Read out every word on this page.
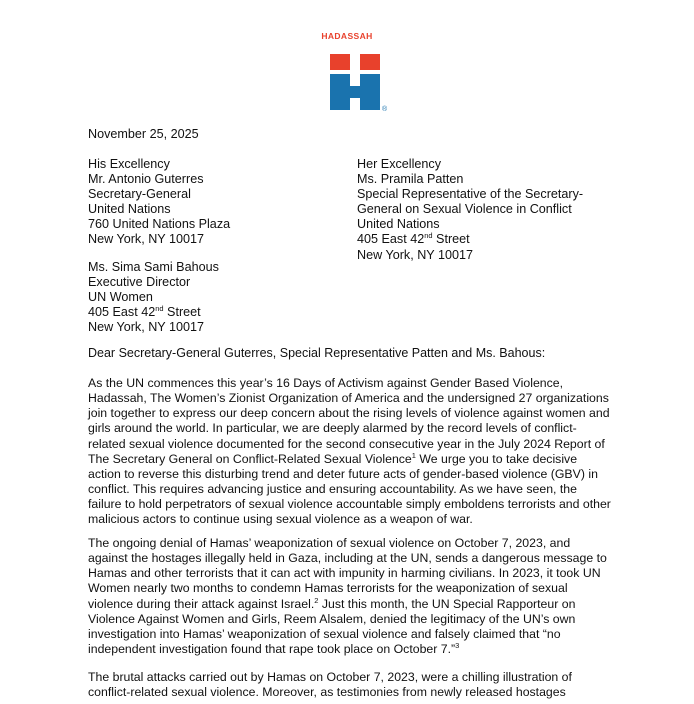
HADASSAH
®
November 25, 2025
His Excellency
Mr. Antonio Guterres
Secretary-General
United Nations
760 United Nations Plaza
New York, NY 10017
Her Excellency
Ms. Pramila Patten
Special Representative of the Secretary-
General on Sexual Violence in Conflict
United Nations
405 East 42nd Street
New York, NY 10017
Ms. Sima Sami Bahous
Executive Director
UN Women
405 East 42nd Street
New York, NY 10017
Dear Secretary-General Guterres, Special Representative Patten and Ms. Bahous:
As the UN commences this year’s 16 Days of Activism against Gender Based Violence,
Hadassah, The Women’s Zionist Organization of America and the undersigned 27 organizations
join together to express our deep concern about the rising levels of violence against women and
girls around the world. In particular, we are deeply alarmed by the record levels of conflict-
related sexual violence documented for the second consecutive year in the July 2024 Report of
The Secretary General on Conflict-Related Sexual Violence$^1$ We urge you to take decisive
action to reverse this disturbing trend and deter future acts of gender-based violence (GBV) in
conflict. This requires advancing justice and ensuring accountability. As we have seen, the
failure to hold perpetrators of sexual violence accountable simply emboldens terrorists and other
malicious actors to continue using sexual violence as a weapon of war.
The ongoing denial of Hamas’ weaponization of sexual violence on October 7, 2023, and
against the hostages illegally held in Gaza, including at the UN, sends a dangerous message to
Hamas and other terrorists that it can act with impunity in harming civilians. In 2023, it took UN
Women nearly two months to condemn Hamas terrorists for the weaponization of sexual
violence during their attack against Israel.$^2$ Just this month, the UN Special Rapporteur on
Violence Against Women and Girls, Reem Alsalem, denied the legitimacy of the UN’s own
investigation into Hamas’ weaponization of sexual violence and falsely claimed that “no
independent investigation found that rape took place on October 7.”$^3$
The brutal attacks carried out by Hamas on October 7, 2023, were a chilling illustration of
conflict-related sexual violence. Moreover, as testimonies from newly released hostages
